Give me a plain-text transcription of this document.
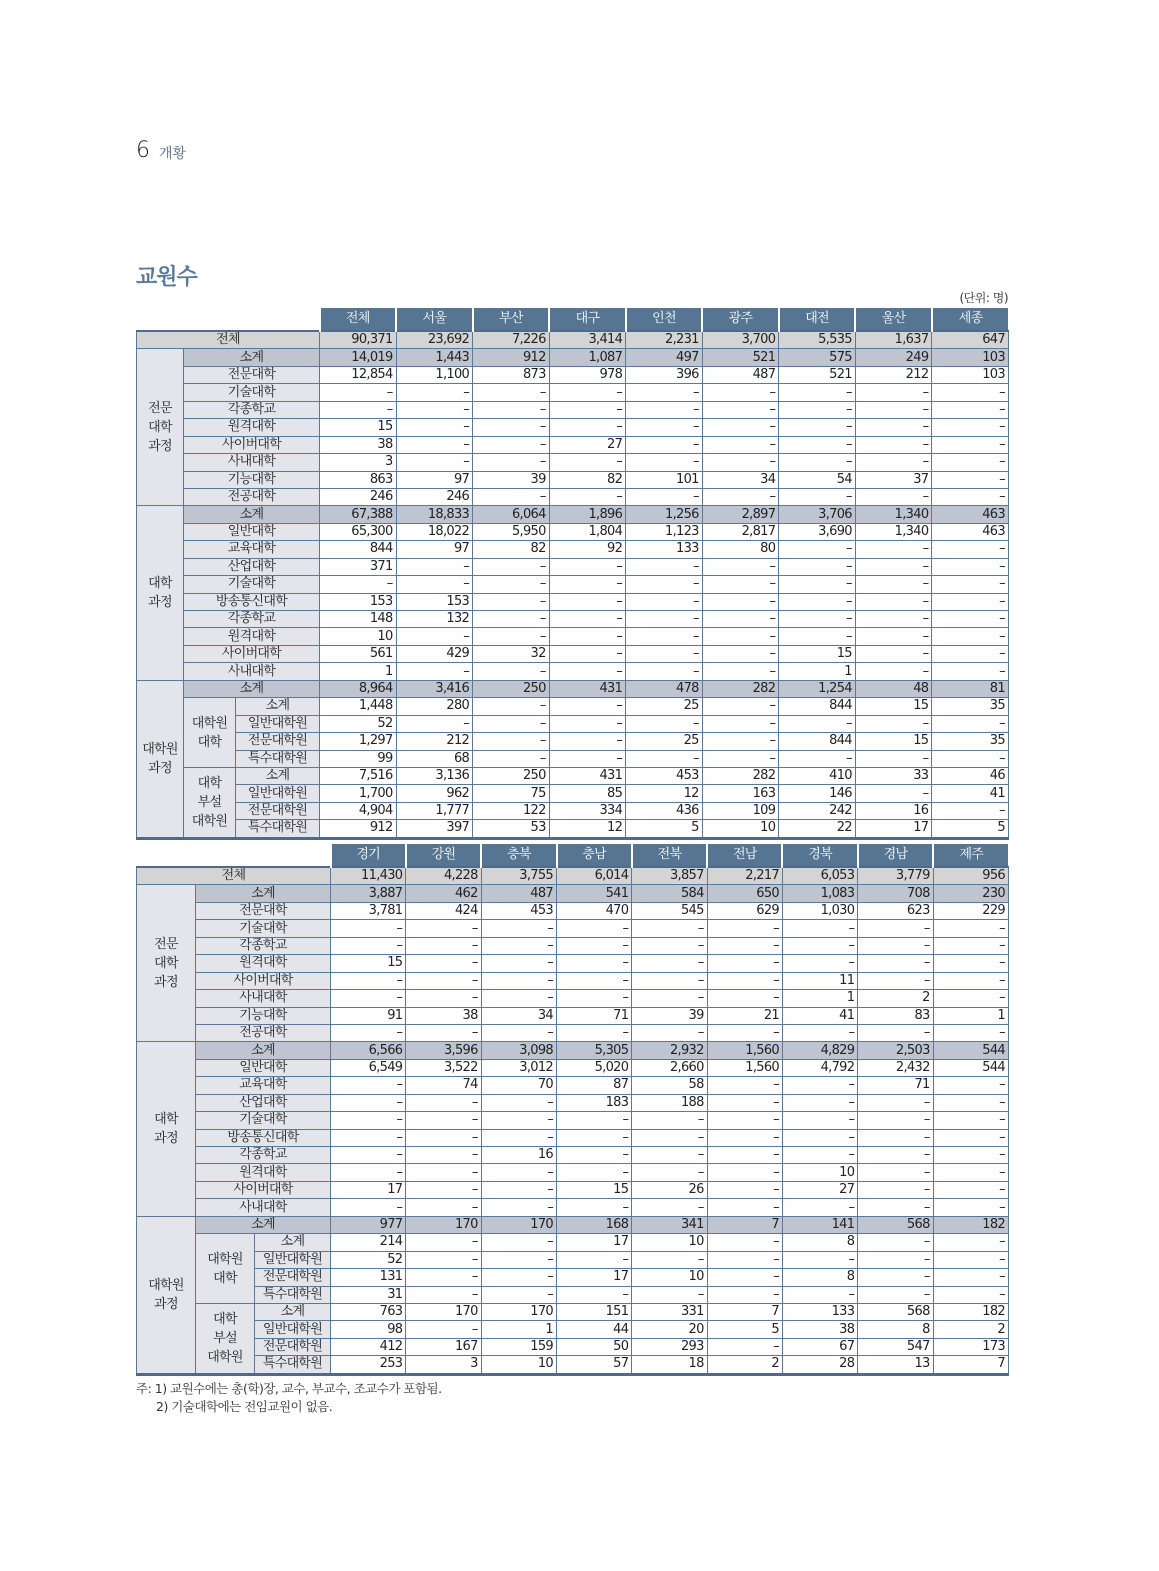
6 개황
교원수
(단위: 명)
			전체	서울	부산	대구	인천	광주	대전	울산	세종
전체			90,371	23,692	7,226	3,414	2,231	3,700	5,535	1,637	647
전문
대학
과정	소계		14,019	1,443	912	1,087	497	521	575	249	103
	전문대학		12,854	1,100	873	978	396	487	521	212	103
	기술대학		–	–	–	–	–	–	–	–	–
	각종학교		–	–	–	–	–	–	–	–	–
	원격대학		15	–	–	–	–	–	–	–	–
	사이버대학		38	–	–	27	–	–	–	–	–
	사내대학		3	–	–	–	–	–	–	–	–
	기능대학		863	97	39	82	101	34	54	37	–
	전공대학		246	246	–	–	–	–	–	–	–
대학
과정	소계		67,388	18,833	6,064	1,896	1,256	2,897	3,706	1,340	463
	일반대학		65,300	18,022	5,950	1,804	1,123	2,817	3,690	1,340	463
	교육대학		844	97	82	92	133	80	–	–	–
	산업대학		371	–	–	–	–	–	–	–	–
	기술대학		–	–	–	–	–	–	–	–	–
	방송통신대학		153	153	–	–	–	–	–	–	–
	각종학교		148	132	–	–	–	–	–	–	–
	원격대학		10	–	–	–	–	–	–	–	–
	사이버대학		561	429	32	–	–	–	15	–	–
	사내대학		1	–	–	–	–	–	1	–	–
대학원
과정	소계		8,964	3,416	250	431	478	282	1,254	48	81
	대학원
대학	소계	1,448	280	–	–	25	–	844	15	35
		일반대학원	52	–	–	–	–	–	–	–	–
		전문대학원	1,297	212	–	–	25	–	844	15	35
		특수대학원	99	68	–	–	–	–	–	–	–
	대학
부설
대학원	소계	7,516	3,136	250	431	453	282	410	33	46
		일반대학원	1,700	962	75	85	12	163	146	–	41
		전문대학원	4,904	1,777	122	334	436	109	242	16	–
		특수대학원	912	397	53	12	5	10	22	17	5
			경기	강원	충북	충남	전북	전남	경북	경남	제주
전체			11,430	4,228	3,755	6,014	3,857	2,217	6,053	3,779	956
전문
대학
과정	소계		3,887	462	487	541	584	650	1,083	708	230
	전문대학		3,781	424	453	470	545	629	1,030	623	229
	기술대학		–	–	–	–	–	–	–	–	–
	각종학교		–	–	–	–	–	–	–	–	–
	원격대학		15	–	–	–	–	–	–	–	–
	사이버대학		–	–	–	–	–	–	11	–	–
	사내대학		–	–	–	–	–	–	1	2	–
	기능대학		91	38	34	71	39	21	41	83	1
	전공대학		–	–	–	–	–	–	–	–	–
대학
과정	소계		6,566	3,596	3,098	5,305	2,932	1,560	4,829	2,503	544
	일반대학		6,549	3,522	3,012	5,020	2,660	1,560	4,792	2,432	544
	교육대학		–	74	70	87	58	–	–	71	–
	산업대학		–	–	–	183	188	–	–	–	–
	기술대학		–	–	–	–	–	–	–	–	–
	방송통신대학		–	–	–	–	–	–	–	–	–
	각종학교		–	–	16	–	–	–	–	–	–
	원격대학		–	–	–	–	–	–	10	–	–
	사이버대학		17	–	–	15	26	–	27	–	–
	사내대학		–	–	–	–	–	–	–	–	–
대학원
과정	소계		977	170	170	168	341	7	141	568	182
	대학원
대학	소계	214	–	–	17	10	–	8	–	–
		일반대학원	52	–	–	–	–	–	–	–	–
		전문대학원	131	–	–	17	10	–	8	–	–
		특수대학원	31	–	–	–	–	–	–	–	–
	대학
부설
대학원	소계	763	170	170	151	331	7	133	568	182
		일반대학원	98	–	1	44	20	5	38	8	2
		전문대학원	412	167	159	50	293	–	67	547	173
		특수대학원	253	3	10	57	18	2	28	13	7
주: 1) 교원수에는 총(학)장, 교수, 부교수, 조교수가 포함됨.
2) 기술대학에는 전임교원이 없음.
